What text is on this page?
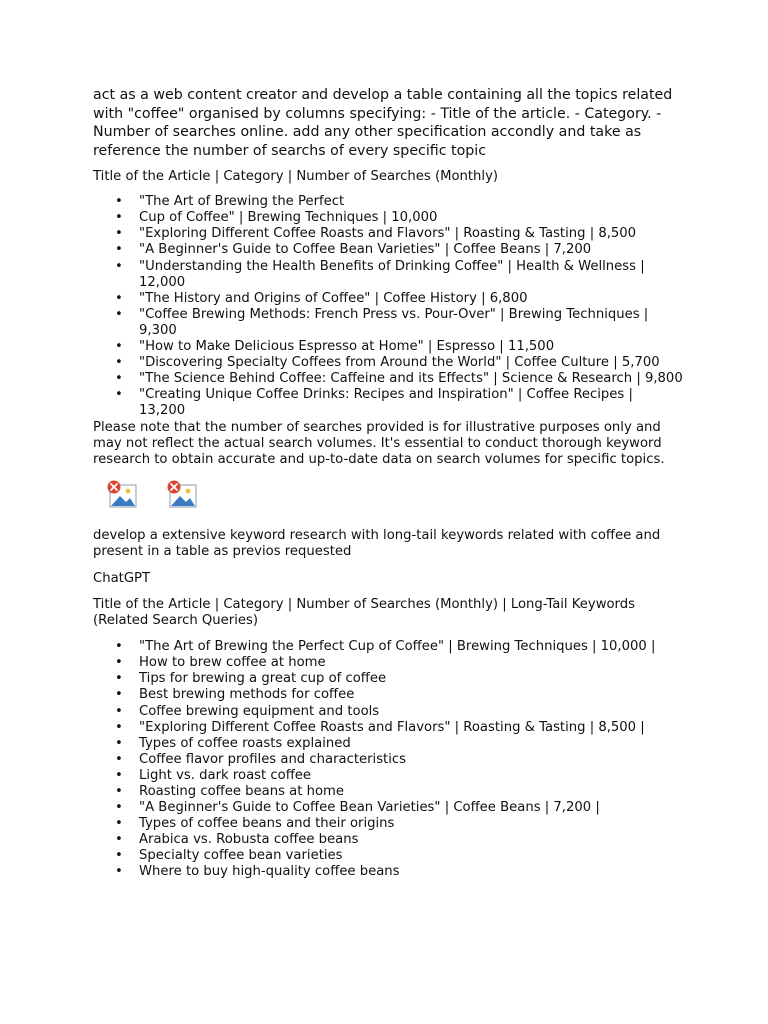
act as a web content creator and develop a table containing all the topics related with "coffee" organised by columns specifying: - Title of the article. - Category. - Number of searches online. add any other specification accondly and take as reference the number of searchs of every specific topic

Title of the Article | Category | Number of Searches (Monthly)

• "The Art of Brewing the Perfect
• Cup of Coffee" | Brewing Techniques | 10,000
• "Exploring Different Coffee Roasts and Flavors" | Roasting & Tasting | 8,500
• "A Beginner's Guide to Coffee Bean Varieties" | Coffee Beans | 7,200
• "Understanding the Health Benefits of Drinking Coffee" | Health & Wellness | 12,000
• "The History and Origins of Coffee" | Coffee History | 6,800
• "Coffee Brewing Methods: French Press vs. Pour-Over" | Brewing Techniques | 9,300
• "How to Make Delicious Espresso at Home" | Espresso | 11,500
• "Discovering Specialty Coffees from Around the World" | Coffee Culture | 5,700
• "The Science Behind Coffee: Caffeine and its Effects" | Science & Research | 9,800
• "Creating Unique Coffee Drinks: Recipes and Inspiration" | Coffee Recipes | 13,200

Please note that the number of searches provided is for illustrative purposes only and may not reflect the actual search volumes. It's essential to conduct thorough keyword research to obtain accurate and up-to-date data on search volumes for specific topics.

develop a extensive keyword research with long-tail keywords related with coffee and present in a table as previos requested

ChatGPT

Title of the Article | Category | Number of Searches (Monthly) | Long-Tail Keywords (Related Search Queries)

• "The Art of Brewing the Perfect Cup of Coffee" | Brewing Techniques | 10,000 |
• How to brew coffee at home
• Tips for brewing a great cup of coffee
• Best brewing methods for coffee
• Coffee brewing equipment and tools
• "Exploring Different Coffee Roasts and Flavors" | Roasting & Tasting | 8,500 |
• Types of coffee roasts explained
• Coffee flavor profiles and characteristics
• Light vs. dark roast coffee
• Roasting coffee beans at home
• "A Beginner's Guide to Coffee Bean Varieties" | Coffee Beans | 7,200 |
• Types of coffee beans and their origins
• Arabica vs. Robusta coffee beans
• Specialty coffee bean varieties
• Where to buy high-quality coffee beans
